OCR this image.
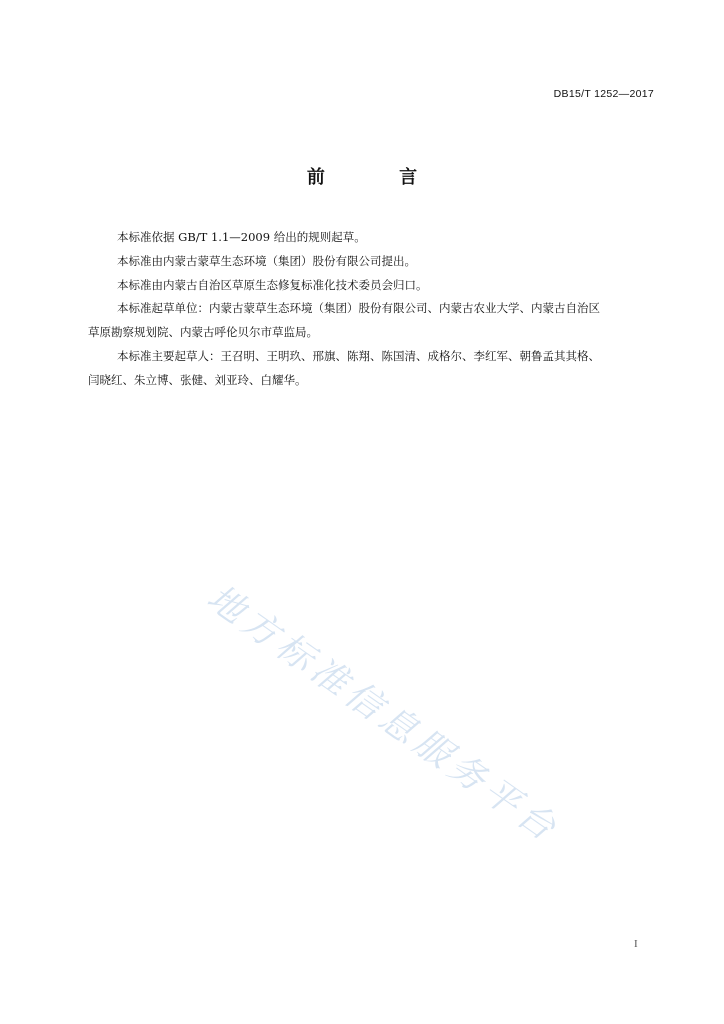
DB15/T 1252—2017
前 言

本标准依据 GB/T 1.1—2009 给出的规则起草。

本标准由内蒙古蒙草生态环境（集团）股份有限公司提出。

本标准由内蒙古自治区草原生态修复标准化技术委员会归口。

本标准起草单位：内蒙古蒙草生态环境（集团）股份有限公司、内蒙古农业大学、内蒙古自治区
草原勘察规划院、内蒙古呼伦贝尔市草监局。

本标准主要起草人：王召明、王明玖、邢旗、陈翔、陈国清、成格尔、李红军、朝鲁孟其其格、
闫晓红、朱立博、张健、刘亚玲、白耀华。

地方标准信息服务平台
I
